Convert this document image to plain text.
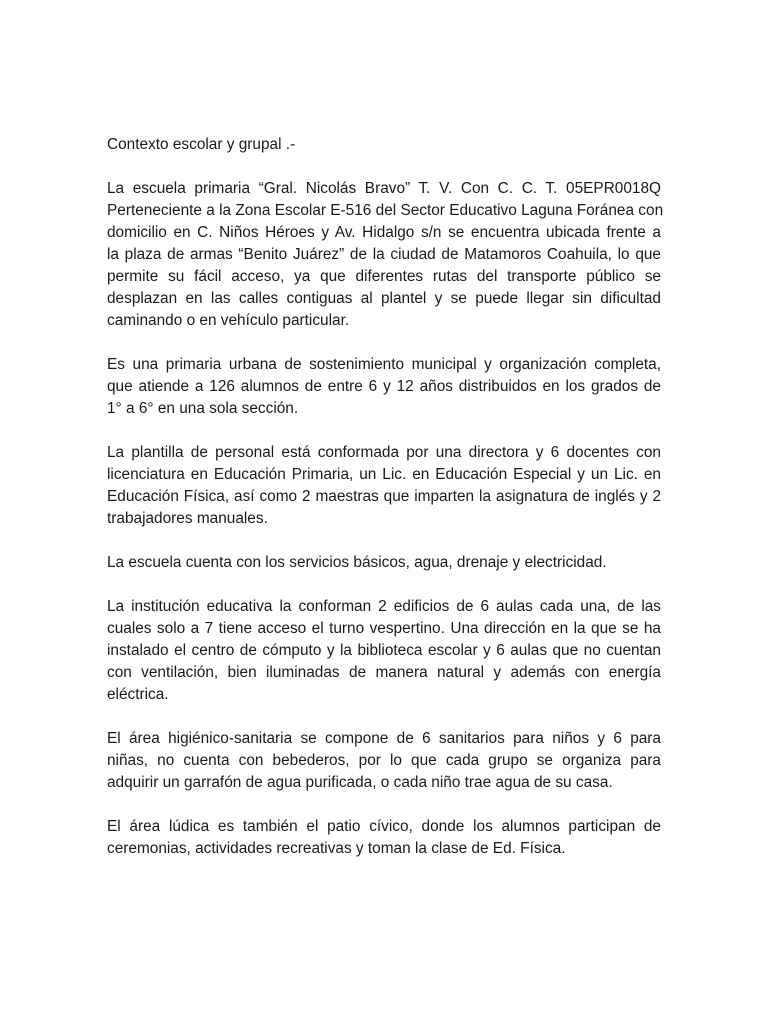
Contexto escolar y grupal .-
La escuela primaria “Gral. Nicolás Bravo” T. V. Con C. C. T. 05EPR0018Q
Perteneciente a la Zona Escolar E-516 del Sector Educativo Laguna Foránea con
domicilio en C. Niños Héroes y Av. Hidalgo s/n se encuentra ubicada frente a
la plaza de armas “Benito Juárez” de la ciudad de Matamoros Coahuila, lo que
permite su fácil acceso, ya que diferentes rutas del transporte público se
desplazan en las calles contiguas al plantel y se puede llegar sin dificultad
caminando o en vehículo particular.
Es una primaria urbana de sostenimiento municipal y organización completa,
que atiende a 126 alumnos de entre 6 y 12 años distribuidos en los grados de
1° a 6° en una sola sección.
La plantilla de personal está conformada por una directora y 6 docentes con
licenciatura en Educación Primaria, un Lic. en Educación Especial y un Lic. en
Educación Física, así como 2 maestras que imparten la asignatura de inglés y 2
trabajadores manuales.
La escuela cuenta con los servicios básicos, agua, drenaje y electricidad.
La institución educativa la conforman 2 edificios de 6 aulas cada una, de las
cuales solo a 7 tiene acceso el turno vespertino. Una dirección en la que se ha
instalado el centro de cómputo y la biblioteca escolar y 6 aulas que no cuentan
con ventilación, bien iluminadas de manera natural y además con energía
eléctrica.
El área higiénico-sanitaria se compone de 6 sanitarios para niños y 6 para
niñas, no cuenta con bebederos, por lo que cada grupo se organiza para
adquirir un garrafón de agua purificada, o cada niño trae agua de su casa.
El área lúdica es también el patio cívico, donde los alumnos participan de
ceremonias, actividades recreativas y toman la clase de Ed. Física.
